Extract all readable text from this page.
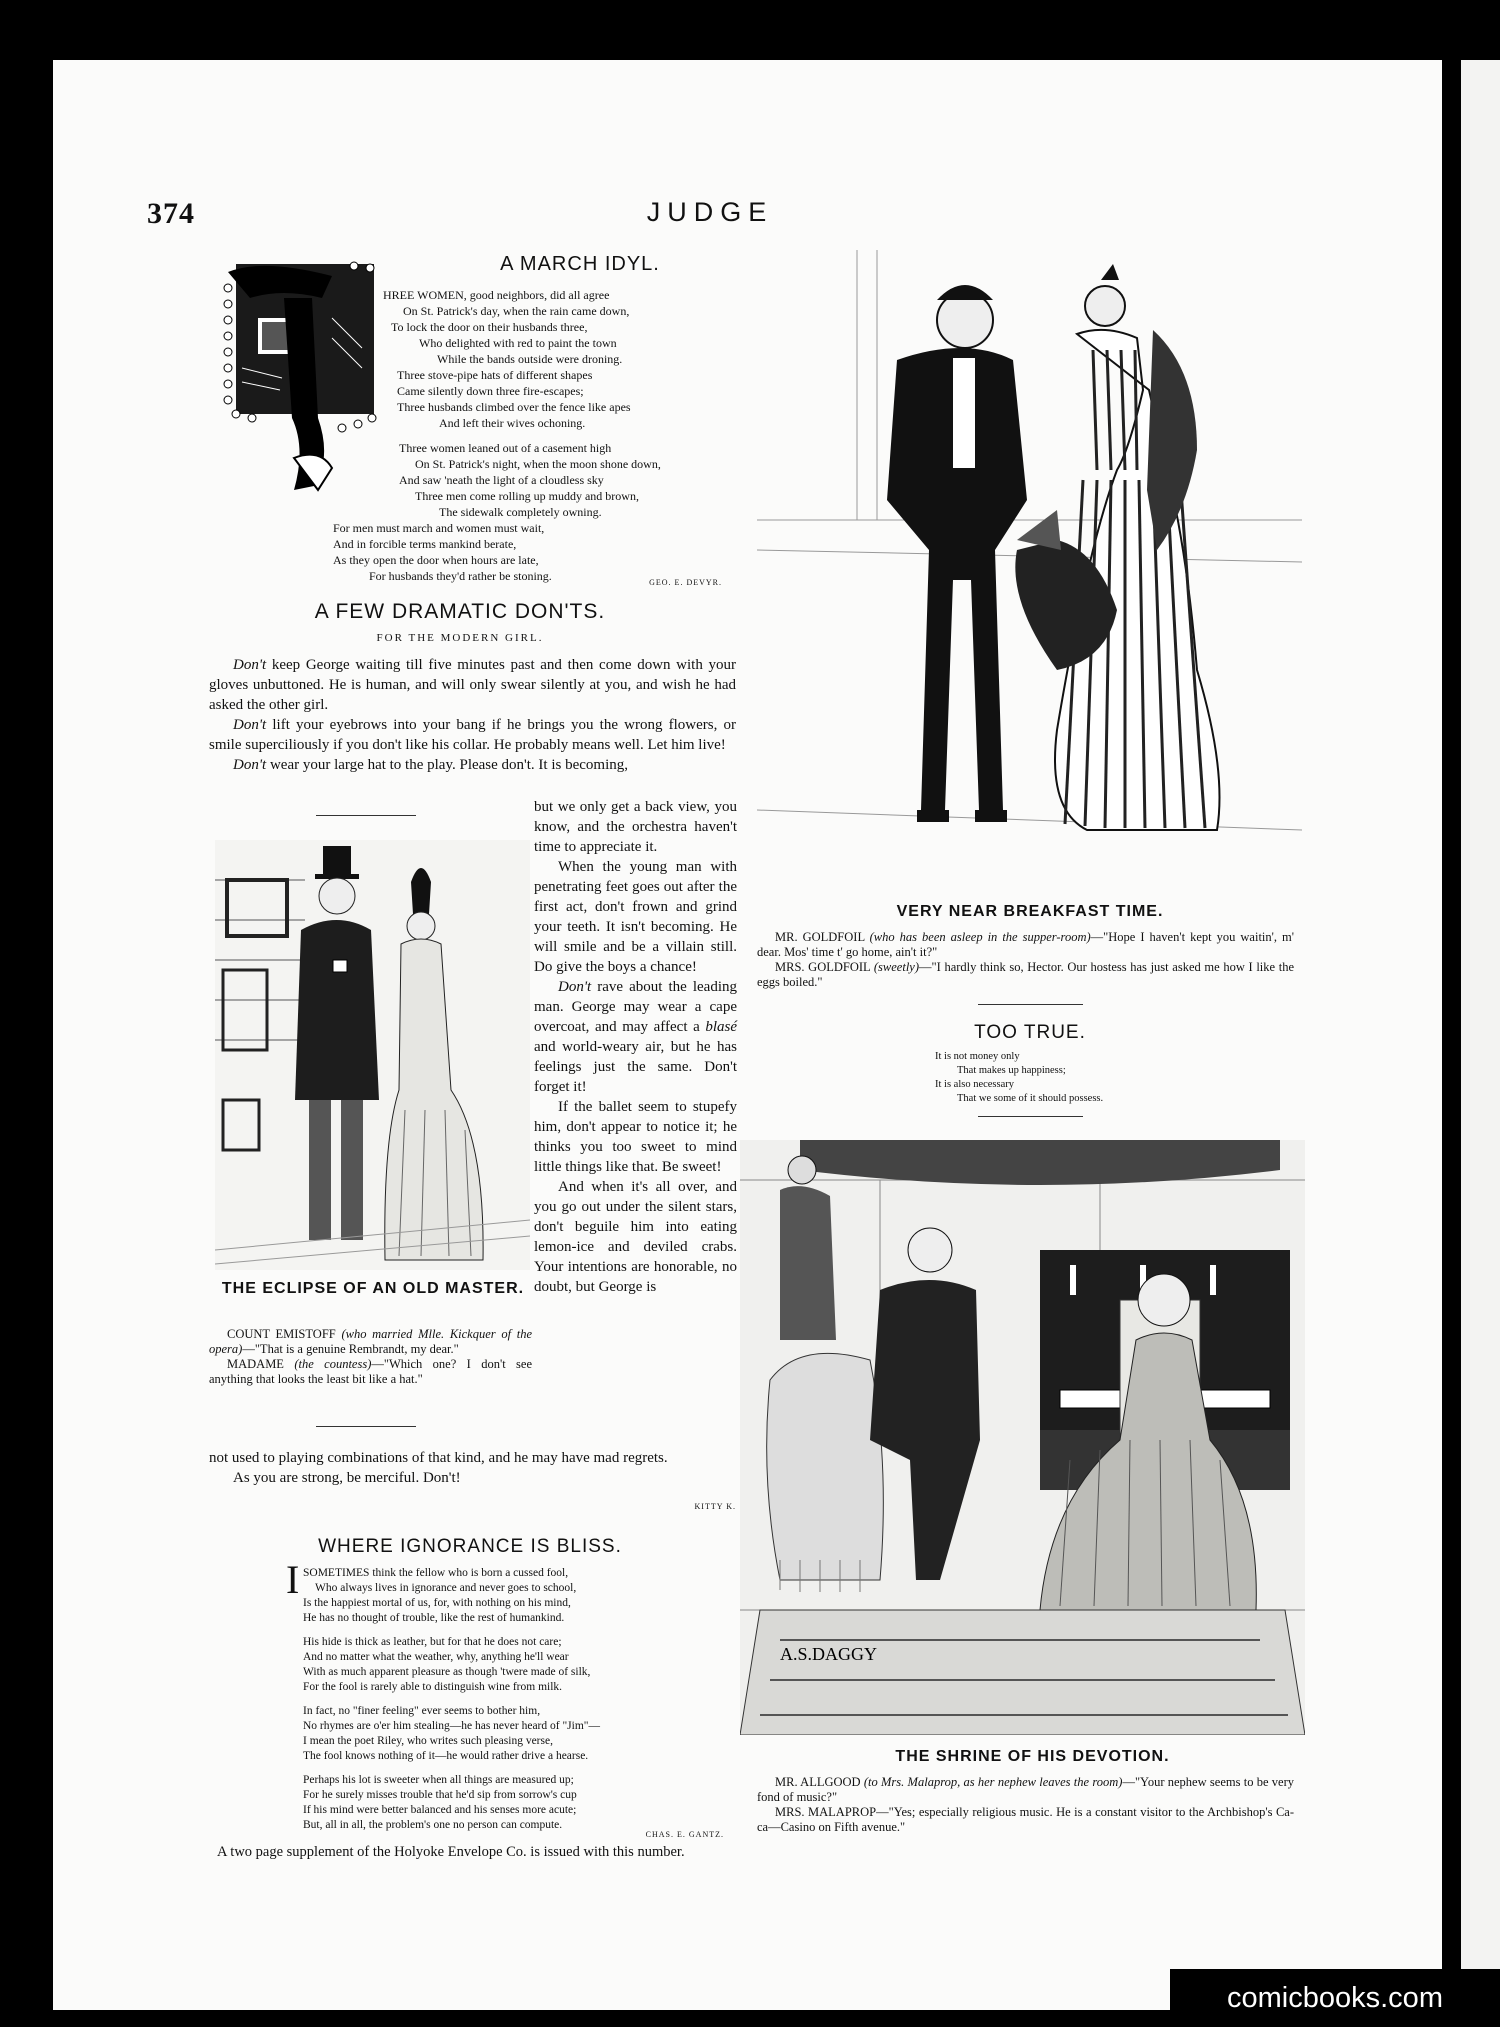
374	JUDGE
A MARCH IDYL.
HREE WOMEN, good neighbors, did all agree
On St. Patrick's day, when the rain came down,
To lock the door on their husbands three,
Who delighted with red to paint the town
While the bands outside were droning.
Three stove-pipe hats of different shapes
Came silently down three fire-escapes;
Three husbands climbed over the fence like apes
And left their wives ochoning.
Three women leaned out of a casement high
On St. Patrick's night, when the moon shone down,
And saw 'neath the light of a cloudless sky
Three men come rolling up muddy and brown,
The sidewalk completely owning.
For men must march and women must wait,
And in forcible terms mankind berate,
As they open the door when hours are late,
For husbands they'd rather be stoning.	GEO. E. DEVYR.
A FEW DRAMATIC DON'TS.
FOR THE MODERN GIRL.

Don't keep George waiting till five minutes past and then come down with your gloves unbuttoned. He is human, and will only swear silently at you, and wish he had asked the other girl.

Don't lift your eyebrows into your bang if he brings you the wrong flowers, or smile superciliously if you don't like his collar. He probably means well. Let him live!

Don't wear your large hat to the play. Please don't. It is becoming,

but we only get a back view, you know, and the orchestra haven't time to appreciate it.

When the young man with penetrating feet goes out after the first act, don't frown and grind your teeth. It isn't becoming. He will smile and be a villain still. Do give the boys a chance!

Don't rave about the leading man. George may wear a cape overcoat, and may affect a blasé and world-weary air, but he has feelings just the same. Don't forget it!

If the ballet seem to stupefy him, don't appear to notice it; he thinks you too sweet to mind little things like that. Be sweet!

And when it's all over, and you go out under the silent stars, don't beguile him into eating lemon-ice and deviled crabs. Your intentions are honorable, no doubt, but George is

not used to playing combinations of that kind, and he may have mad regrets.

As you are strong, be merciful. Don't!

KITTY K.
THE ECLIPSE OF AN OLD MASTER.

COUNT EMISTOFF (who married Mlle. Kickquer of the opera)—"That is a genuine Rembrandt, my dear."

MADAME (the countess)—"Which one? I don't see anything that looks the least bit like a hat."

WHERE IGNORANCE IS BLISS.
I SOMETIMES think the fellow who is born a cussed fool,
Who always lives in ignorance and never goes to school,
Is the happiest mortal of us, for, with nothing on his mind,
He has no thought of trouble, like the rest of humankind.
His hide is thick as leather, but for that he does not care;
And no matter what the weather, why, anything he'll wear
With as much apparent pleasure as though 'twere made of silk,
For the fool is rarely able to distinguish wine from milk.
In fact, no "finer feeling" ever seems to bother him,
No rhymes are o'er him stealing—he has never heard of "Jim"—
I mean the poet Riley, who writes such pleasing verse,
The fool knows nothing of it—he would rather drive a hearse.
Perhaps his lot is sweeter when all things are measured up;
For he surely misses trouble that he'd sip from sorrow's cup
If his mind were better balanced and his senses more acute;
But, all in all, the problem's one no person can compute.
CHAS. E. GANTZ.
A two page supplement of the Holyoke Envelope Co. is issued with this number.
VERY NEAR BREAKFAST TIME.

MR. GOLDFOIL (who has been asleep in the supper-room)—"Hope I haven't kept you waitin', m' dear. Mos' time t' go home, ain't it?"

MRS. GOLDFOIL (sweetly)—"I hardly think so, Hector. Our hostess has just asked me how I like the eggs boiled."

TOO TRUE.
It is not money only
That makes up happiness;
It is also necessary
That we some of it should possess.
A.S.DAGGY
THE SHRINE OF HIS DEVOTION.

MR. ALLGOOD (to Mrs. Malaprop, as her nephew leaves the room)—"Your nephew seems to be very fond of music?"

MRS. MALAPROP—"Yes; especially religious music. He is a constant visitor to the Archbishop's Ca-ca—Casino on Fifth avenue."

comicbooks.com
